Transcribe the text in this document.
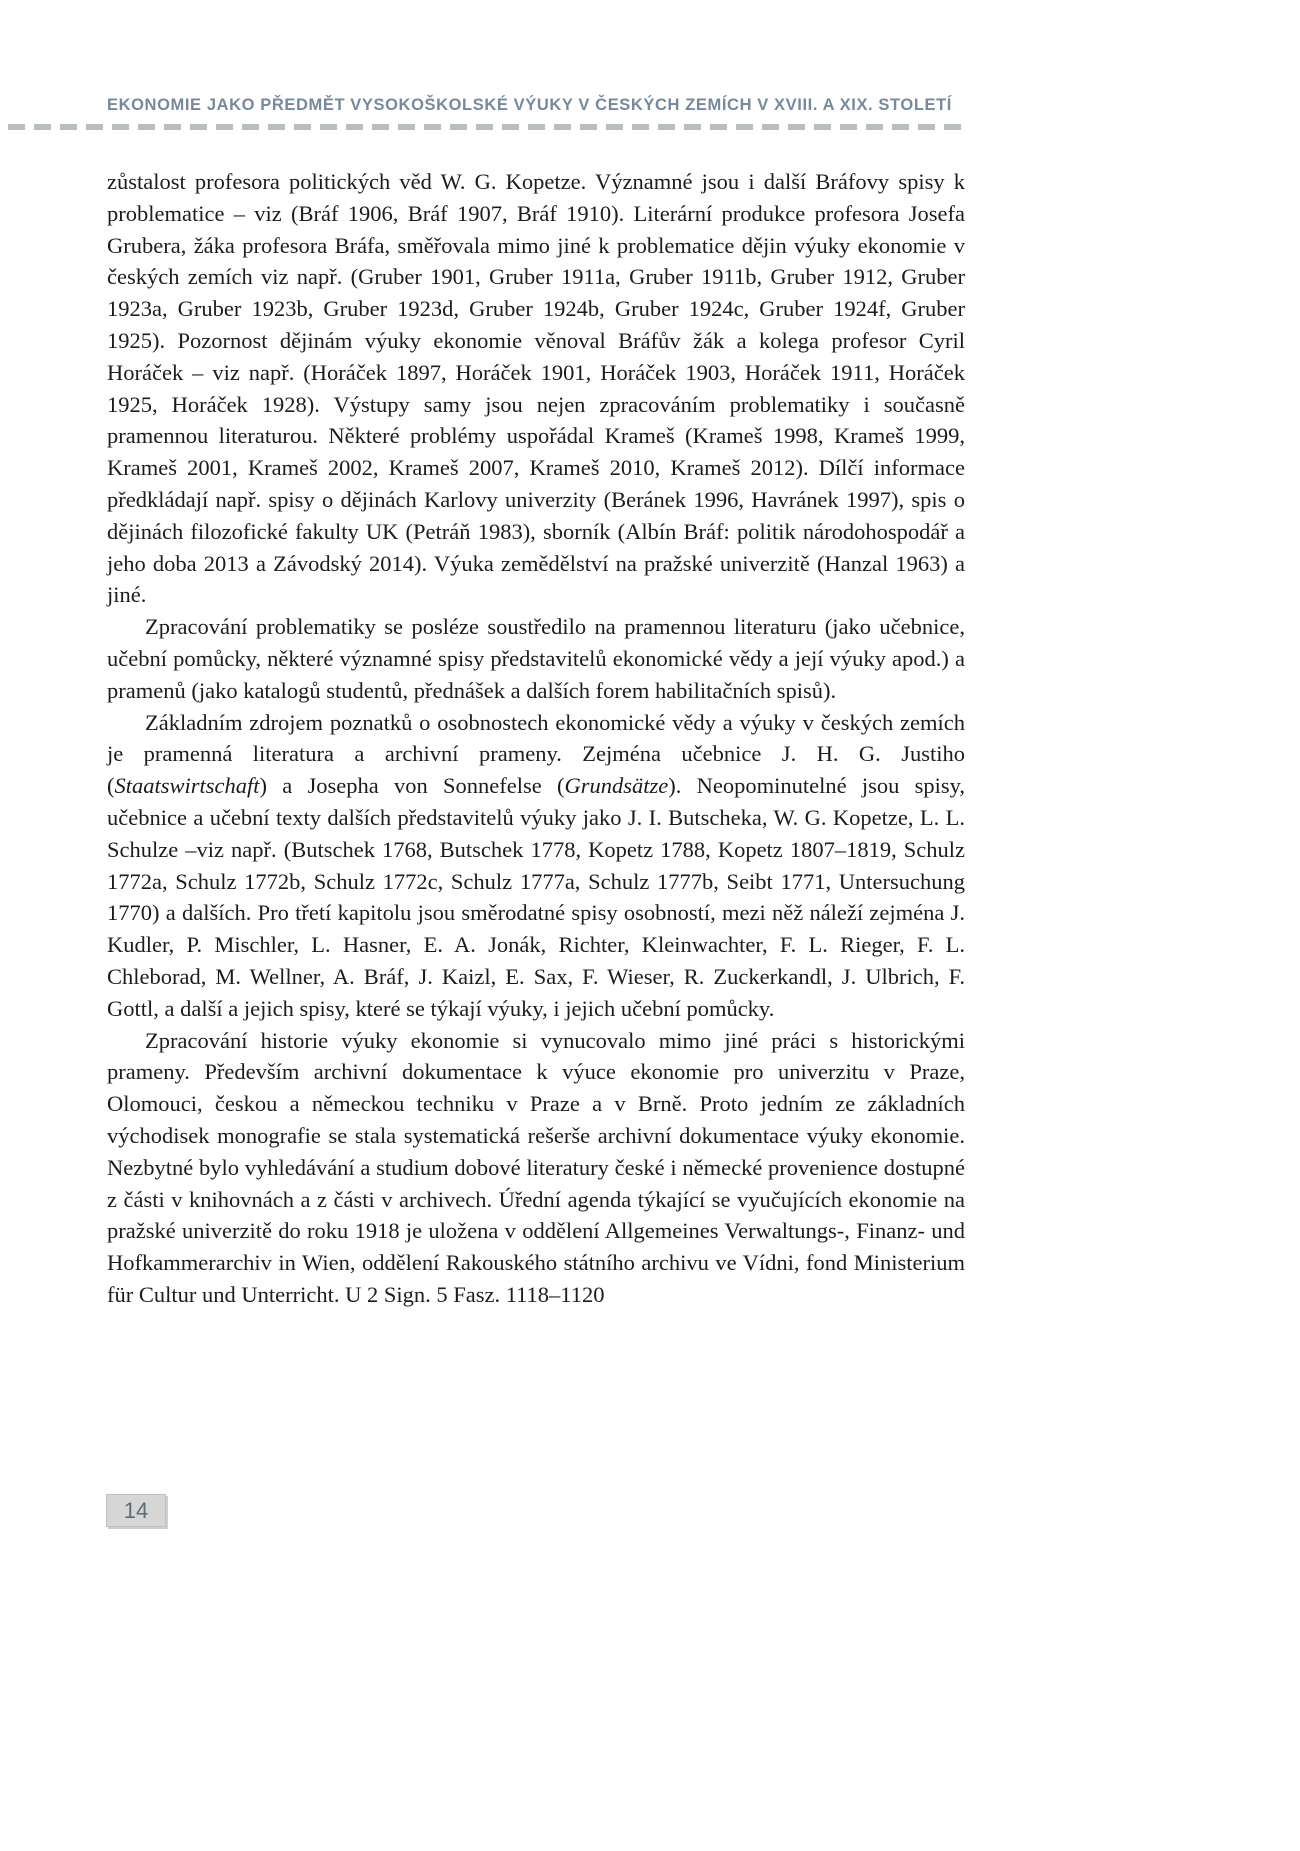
EKONOMIE JAKO PŘEDMĚT VYSOKOŠKOLSKÉ VÝUKY V ČESKÝCH ZEMÍCH V XVIII. A XIX. STOLETÍ

zůstalost profesora politických věd W. G. Kopetze. Významné jsou i další Bráfovy spisy k problematice – viz (Bráf 1906, Bráf 1907, Bráf 1910). Literární produkce profesora Josefa Grubera, žáka profesora Bráfa, směřovala mimo jiné k problematice dějin výuky ekonomie v českých zemích viz např. (Gruber 1901, Gruber 1911a, Gruber 1911b, Gruber 1912, Gruber 1923a, Gruber 1923b, Gruber 1923d, Gruber 1924b, Gruber 1924c, Gruber 1924f, Gruber 1925). Pozornost dějinám výuky ekonomie věnoval Bráfův žák a kolega profesor Cyril Horáček – viz např. (Horáček 1897, Horáček 1901, Horáček 1903, Horáček 1911, Horáček 1925, Horáček 1928). Výstupy samy jsou nejen zpracováním problematiky i současně pramennou literaturou. Některé problémy uspořádal Krameš (Krameš 1998, Krameš 1999, Krameš 2001, Krameš 2002, Krameš 2007, Krameš 2010, Krameš 2012). Dílčí informace předkládají např. spisy o dějinách Karlovy univerzity (Beránek 1996, Havránek 1997), spis o dějinách filozofické fakulty UK (Petráň 1983), sborník (Albín Bráf: politik národohospodář a jeho doba 2013 a Závodský 2014). Výuka zemědělství na pražské univerzitě (Hanzal 1963) a jiné.

Zpracování problematiky se posléze soustředilo na pramennou literaturu (jako učebnice, učební pomůcky, některé významné spisy představitelů ekonomické vědy a její výuky apod.) a pramenů (jako katalogů studentů, přednášek a dalších forem habilitačních spisů).

Základním zdrojem poznatků o osobnostech ekonomické vědy a výuky v českých zemích je pramenná literatura a archivní prameny. Zejména učebnice J. H. G. Justiho (Staatswirtschaft) a Josepha von Sonnefelse (Grundsätze). Neopominutelné jsou spisy, učebnice a učební texty dalších představitelů výuky jako J. I. Butscheka, W. G. Kopetze, L. L. Schulze –viz např. (Butschek 1768, Butschek 1778, Kopetz 1788, Kopetz 1807–1819, Schulz 1772a, Schulz 1772b, Schulz 1772c, Schulz 1777a, Schulz 1777b, Seibt 1771, Untersuchung 1770) a dalších. Pro třetí kapitolu jsou směrodatné spisy osobností, mezi něž náleží zejména J. Kudler, P. Mischler, L. Hasner, E. A. Jonák, Richter, Kleinwachter, F. L. Rieger, F. L. Chleborad, M. Wellner, A. Bráf, J. Kaizl, E. Sax, F. Wieser, R. Zuckerkandl, J. Ulbrich, F. Gottl, a další a jejich spisy, které se týkají výuky, i jejich učební pomůcky.

Zpracování historie výuky ekonomie si vynucovalo mimo jiné práci s historickými prameny. Především archivní dokumentace k výuce ekonomie pro univerzitu v Praze, Olomouci, českou a německou techniku v Praze a v Brně. Proto jedním ze základních východisek monografie se stala systematická rešerše archivní dokumentace výuky ekonomie. Nezbytné bylo vyhledávání a studium dobové literatury české i německé provenience dostupné z části v knihovnách a z části v archivech. Úřední agenda týkající se vyučujících ekonomie na pražské univerzitě do roku 1918 je uložena v oddělení Allgemeines Verwaltungs-, Finanz- und Hofkammerarchiv in Wien, oddělení Rakouského státního archivu ve Vídni, fond Ministerium für Cultur und Unterricht. U 2 Sign. 5 Fasz. 1118–1120

14
